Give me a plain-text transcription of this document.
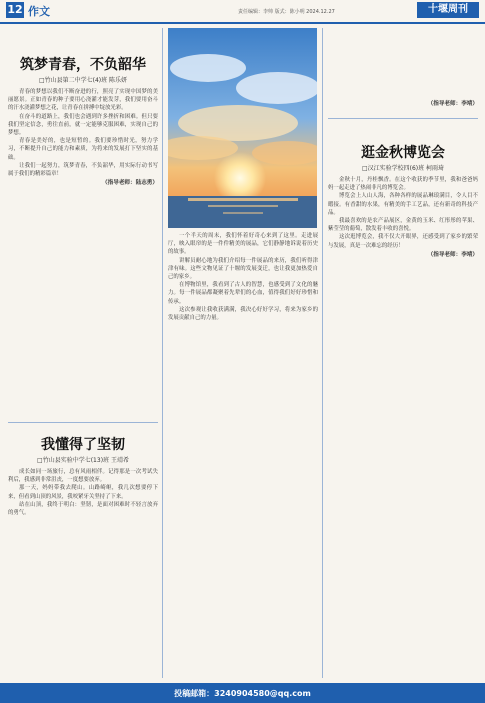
12 作文	责任编辑：李帅 版式：陈小明 2024.12.27	十堰周刊
筑梦青春，不负韶华
□竹山县第二中学七(4)班 陈乐妍

青春的梦想以我们不断奋进的行，照亮了实现中国梦的美丽愿景。正如青春的种子要用心浇灌才能发芽，我们要用奋斗的汗水浇灌梦想之花，让青春在拼搏中绽放光彩。

在奋斗的道路上，我们也会遇到许多挫折和困难。但只要我们坚定信念，勇往直前，就一定能够克服困难，实现自己的梦想。

青春是美好的，也是短暂的。我们要珍惜时光，努力学习，不断提升自己的能力和素质，为将来的发展打下坚实的基础。

让我们一起努力，筑梦青春，不负韶华，用实际行动书写属于我们的精彩篇章！

（指导老师：陆志勇）
我懂得了坚韧
□竹山县实验中学七(13)班 王靖希

成长如同一场旅行，总有风雨相伴。记得那是一次考试失利后，我感到非常沮丧，一度想要放弃。

那一天，妈妈带我去爬山。山路崎岖，我几次想要停下来，但看到山顶的风景，我咬紧牙关坚持了下来。

站在山顶，我终于明白：坚韧，是面对困难时不轻言放弃的勇气。

一个半天的周末，我们怀着好奇心来到了这里。走进展厅，映入眼帘的是一件件精美的展品，它们静静地诉说着历史的故事。

讲解员耐心地为我们介绍每一件展品的来历，我们听得津津有味。这些文物见证了十堰的发展变迁，也让我更加热爱自己的家乡。

在博物馆里，我看到了古人的智慧，也感受到了文化的魅力。每一件展品都凝聚着先辈们的心血，值得我们好好珍惜和传承。

这次参观让我收获满满，我决心好好学习，将来为家乡的发展贡献自己的力量。

（指导老师：李靖）
逛金秋博览会
□汉江实验学校四(6)班 柯雨琦

金秋十月，丹桂飘香。在这个收获的季节里，我和爸爸妈妈一起走进了热闹非凡的博览会。

博览会上人山人海，各种各样的展品琳琅满目，令人目不暇接。有香甜的水果，有精美的手工艺品，还有新奇的科技产品。

我最喜欢的是农产品展区，金黄的玉米、红彤彤的苹果、紫莹莹的葡萄，散发着丰收的喜悦。

这次逛博览会，我不仅大开眼界，还感受到了家乡的繁荣与发展，真是一次难忘的经历！

（指导老师：李靖）
投稿邮箱：3240904580@qq.com
